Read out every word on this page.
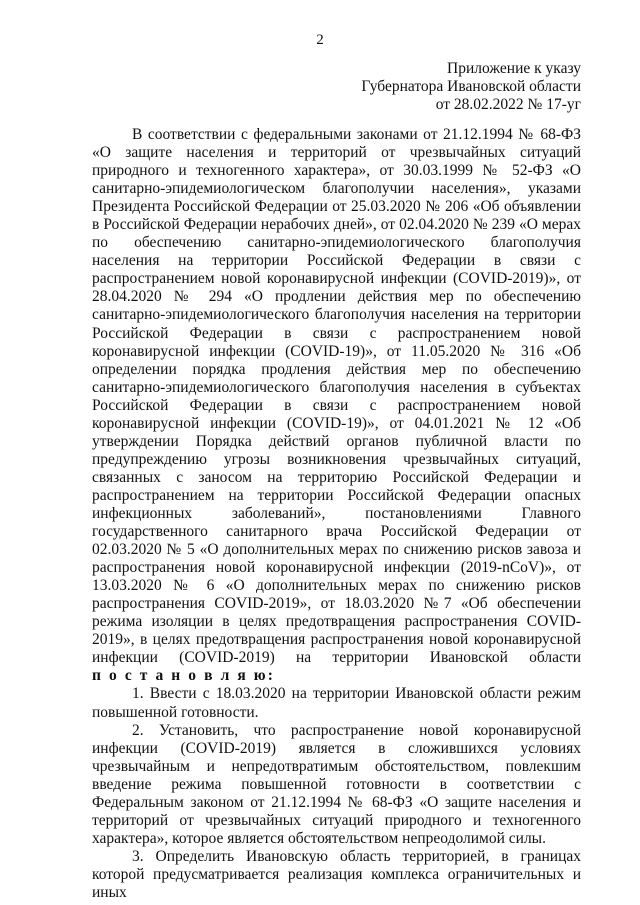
2
Приложение к указу
Губернатора Ивановской области
от 28.02.2022 № 17-уг

В соответствии с федеральными законами от 21.12.1994 № 68-ФЗ «О защите населения и территорий от чрезвычайных ситуаций природного и техногенного характера», от 30.03.1999 № 52-ФЗ «О санитарно-эпидемиологическом благополучии населения», указами Президента Российской Федерации от 25.03.2020 № 206 «Об объявлении в Российской Федерации нерабочих дней», от 02.04.2020 № 239 «О мерах по обеспечению санитарно-эпидемиологического благополучия населения на территории Российской Федерации в связи с распространением новой коронавирусной инфекции (COVID-2019)», от 28.04.2020 № 294 «О продлении действия мер по обеспечению санитарно-эпидемиологического благополучия населения на территории Российской Федерации в связи с распространением новой коронавирусной инфекции (COVID-19)», от 11.05.2020 № 316 «Об определении порядка продления действия мер по обеспечению санитарно-эпидемиологического благополучия населения в субъектах Российской Федерации в связи с распространением новой коронавирусной инфекции (COVID-19)», от 04.01.2021 № 12 «Об утверждении Порядка действий органов публичной власти по предупреждению угрозы возникновения чрезвычайных ситуаций, связанных с заносом на территорию Российской Федерации и распространением на территории Российской Федерации опасных инфекционных заболеваний», постановлениями Главного государственного санитарного врача Российской Федерации от 02.03.2020 № 5 «О дополнительных мерах по снижению рисков завоза и распространения новой коронавирусной инфекции (2019-nCoV)», от 13.03.2020 № 6 «О дополнительных мерах по снижению рисков распространения COVID-2019», от 18.03.2020 №7 «Об обеспечении режима изоляции в целях предотвращения распространения COVID-2019», в целях предотвращения распространения новой коронавирусной инфекции (COVID-2019) на территории Ивановской области

п о с т а н о в л я ю:

1. Ввести с 18.03.2020 на территории Ивановской области режим повышенной готовности.

2. Установить, что распространение новой коронавирусной инфекции (COVID-2019) является в сложившихся условиях чрезвычайным и непредотвратимым обстоятельством, повлекшим введение режима повышенной готовности в соответствии с Федеральным законом от 21.12.1994 № 68-ФЗ «О защите населения и территорий от чрезвычайных ситуаций природного и техногенного характера», которое является обстоятельством непреодолимой силы.

3. Определить Ивановскую область территорией, в границах которой предусматривается реализация комплекса ограничительных и иных
